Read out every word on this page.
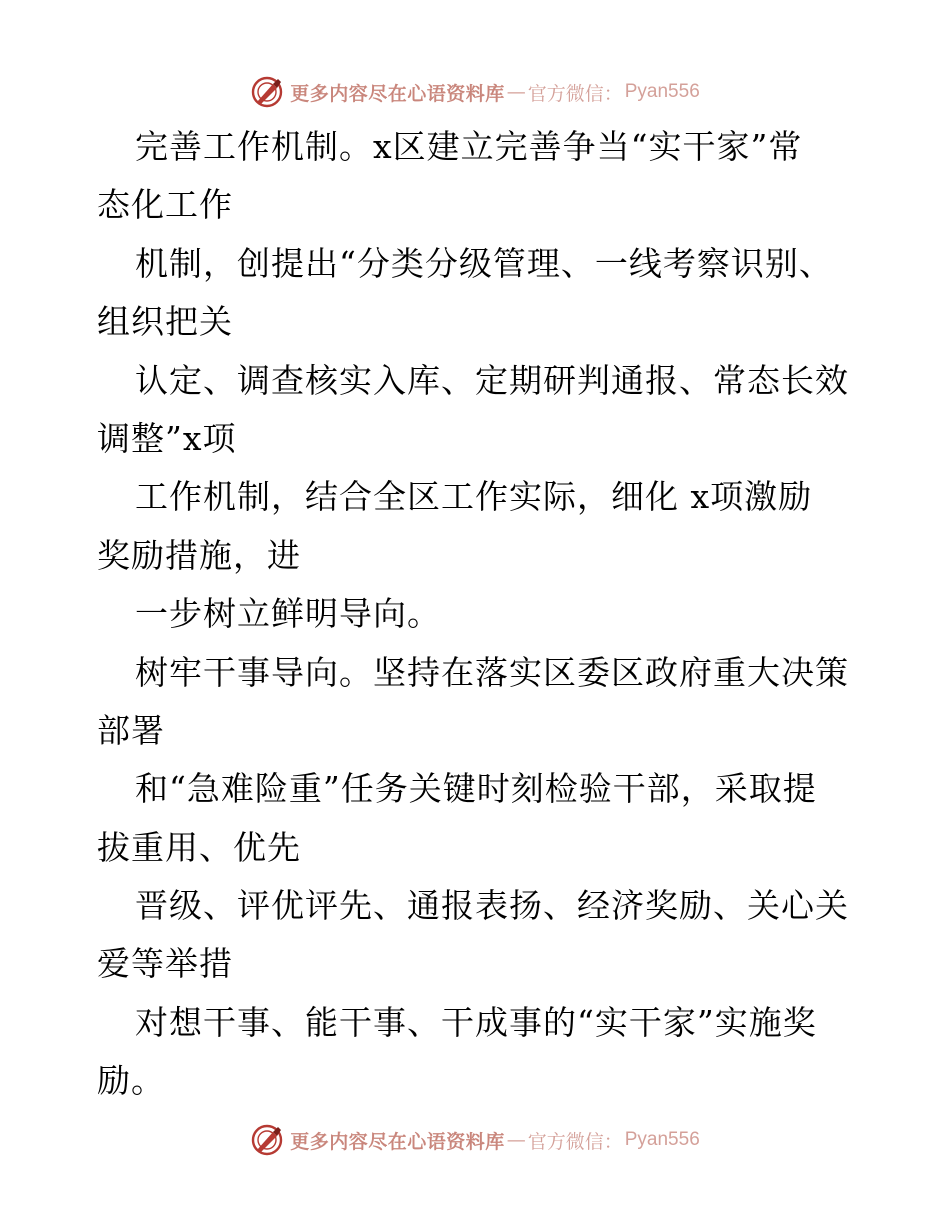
更多内容尽在心语资料库 — 官方微信： Pyan556
完善工作机制。x区建立完善争当“实干家”常
态化工作
机制，创提出“分类分级管理、一线考察识别、
组织把关
认定、调查核实入库、定期研判通报、常态长效
调整”x项
工作机制，结合全区工作实际，细化 x项激励
奖励措施，进
一步树立鲜明导向。
树牢干事导向。坚持在落实区委区政府重大决策
部署
和“急难险重”任务关键时刻检验干部，采取提
拔重用、优先
晋级、评优评先、通报表扬、经济奖励、关心关
爱等举措
对想干事、能干事、干成事的“实干家”实施奖
励。
更多内容尽在心语资料库 — 官方微信： Pyan556
